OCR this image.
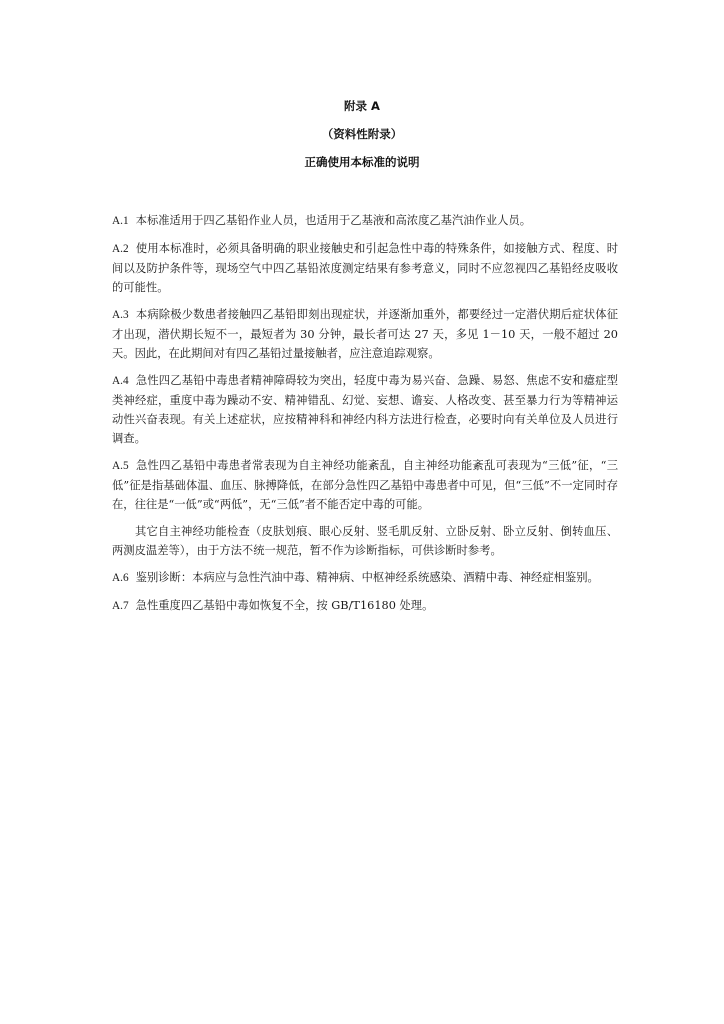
附录 A
（资料性附录）
正确使用本标准的说明

A.1 本标准适用于四乙基铅作业人员，也适用于乙基液和高浓度乙基汽油作业人员。

A.2 使用本标准时，必须具备明确的职业接触史和引起急性中毒的特殊条件，如接触方式、程度、时间以及防护条件等，现场空气中四乙基铅浓度测定结果有参考意义，同时不应忽视四乙基铅经皮吸收的可能性。

A.3 本病除极少数患者接触四乙基铅即刻出现症状，并逐渐加重外，都要经过一定潜伏期后症状体征才出现，潜伏期长短不一，最短者为 30 分钟，最长者可达 27 天，多见 1－10 天，一般不超过 20 天。因此，在此期间对有四乙基铅过量接触者，应注意追踪观察。

A.4 急性四乙基铅中毒患者精神障碍较为突出，轻度中毒为易兴奋、急躁、易怒、焦虑不安和癔症型类神经症，重度中毒为躁动不安、精神错乱、幻觉、妄想、谵妄、人格改变、甚至暴力行为等精神运动性兴奋表现。有关上述症状，应按精神科和神经内科方法进行检查，必要时向有关单位及人员进行调查。

A.5 急性四乙基铅中毒患者常表现为自主神经功能紊乱，自主神经功能紊乱可表现为“三低”征，“三低”征是指基础体温、血压、脉搏降低，在部分急性四乙基铅中毒患者中可见，但“三低”不一定同时存在，往往是“一低”或“两低”，无“三低”者不能否定中毒的可能。

其它自主神经功能检查（皮肤划痕、眼心反射、竖毛肌反射、立卧反射、卧立反射、倒转血压、两测皮温差等），由于方法不统一规范，暂不作为诊断指标，可供诊断时参考。

A.6 鉴别诊断：本病应与急性汽油中毒、精神病、中枢神经系统感染、酒精中毒、神经症相鉴别。

A.7 急性重度四乙基铅中毒如恢复不全，按 GB/T16180 处理。
